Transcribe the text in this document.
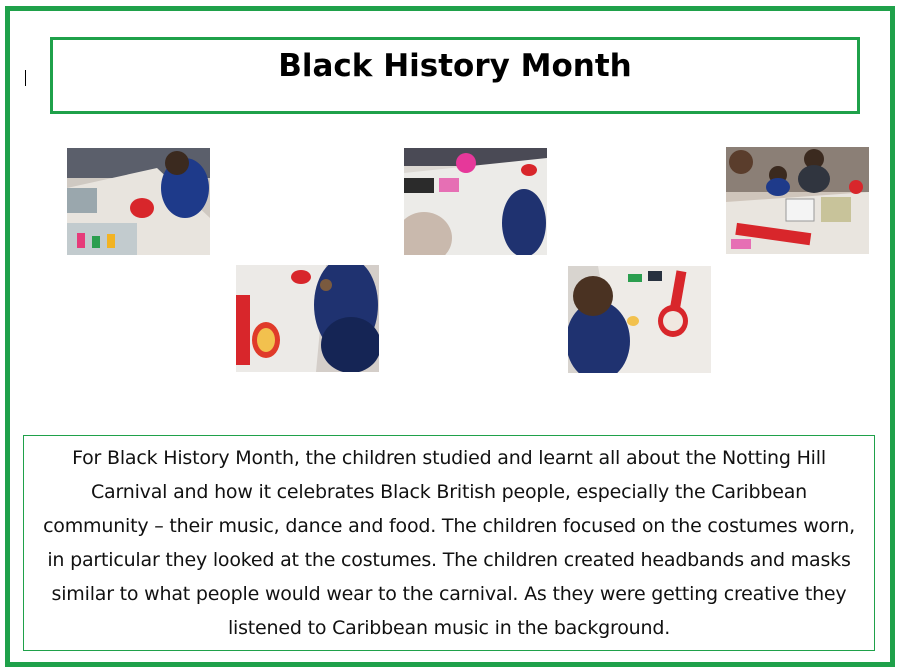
Black History Month

For Black History Month, the children studied and learnt all about the Notting Hill Carnival and how it celebrates Black British people, especially the Caribbean community – their music, dance and food. The children focused on the costumes worn, in particular they looked at the costumes. The children created headbands and masks similar to what people would wear to the carnival. As they were getting creative they listened to Caribbean music in the background.
